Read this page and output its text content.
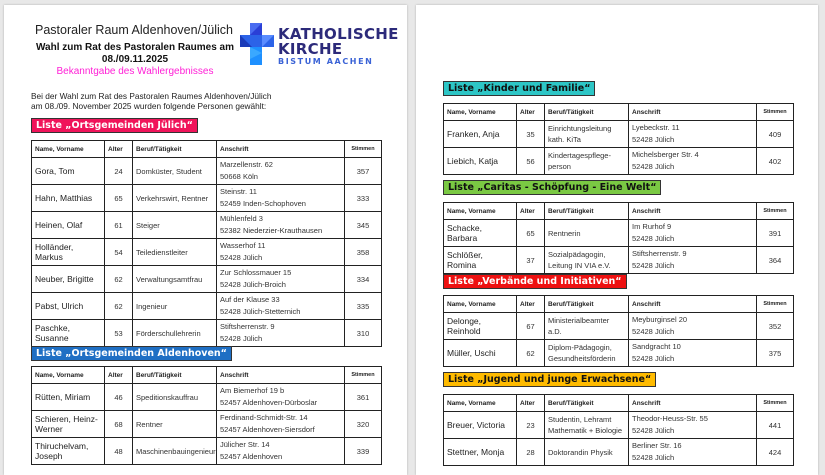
Pastoraler Raum Aldenhoven/Jülich
Wahl zum Rat des Pastoralen Raumes am
08./09.11.2025
Bekanntgabe des Wahlergebnisses
KATHOLISCHE
KIRCHE
BISTUM AACHEN
Bei der Wahl zum Rat des Pastoralen Raumes Aldenhoven/Jülich
am 08./09. November 2025 wurden folgende Personen gewählt:
Liste „Ortsgemeinden Jülich“
Name, Vorname	Alter	Beruf/Tätigkeit	Anschrift	Stimmen
Gora, Tom	24	Domküster, Student	Marzellenstr. 62
50668 Köln	357
Hahn, Matthias	65	Verkehrswirt, Rentner	Steinstr. 11
52459 Inden-Schophoven	333
Heinen, Olaf	61	Steiger	Mühlenfeld 3
52382 Niederzier-Krauthausen	345
Holländer, Markus	54	Teiledienstleiter	Wasserhof 11
52428 Jülich	358
Neuber, Brigitte	62	Verwaltungsamtfrau	Zur Schlossmauer 15
52428 Jülich-Broich	334
Pabst, Ulrich	62	Ingenieur	Auf der Klause 33
52428 Jülich-Stetternich	335
Paschke, Susanne	53	Förderschullehrerin	Stiftsherrenstr. 9
52428 Jülich	310
Liste „Ortsgemeinden Aldenhoven“
Name, Vorname	Alter	Beruf/Tätigkeit	Anschrift	Stimmen
Rütten, Miriam	46	Speditionskauffrau	Am Biemerhof 19 b
52457 Aldenhoven-Dürboslar	361
Schieren, Heinz-Werner	68	Rentner	Ferdinand-Schmidt-Str. 14
52457 Aldenhoven-Siersdorf	320
Thiruchelvam, Joseph	48	Maschinenbauingenieur	Jülicher Str. 14
52457 Aldenhoven	339
Liste „Kinder und Familie“
Name, Vorname	Alter	Beruf/Tätigkeit	Anschrift	Stimmen
Franken, Anja	35	Einrichtungsleitung kath. KiTa	Lyebeckstr. 11
52428 Jülich	409
Liebich, Katja	56	Kindertagespflege-person	Michelsberger Str. 4
52428 Jülich	402
Liste „Caritas - Schöpfung - Eine Welt“
Name, Vorname	Alter	Beruf/Tätigkeit	Anschrift	Stimmen
Schacke, Barbara	65	Rentnerin	Im Rurhof 9
52428 Jülich	391
Schlößer, Romina	37	Sozialpädagogin, Leitung IN VIA e.V.	Stiftsherrenstr. 9
52428 Jülich	364
Liste „Verbände und Initiativen“
Name, Vorname	Alter	Beruf/Tätigkeit	Anschrift	Stimmen
Delonge, Reinhold	67	Ministerialbeamter a.D.	Meyburginsel 20
52428 Jülich	352
Müller, Uschi	62	Diplom-Pädagogin, Gesundheitsförderin	Sandgracht 10
52428 Jülich	375
Liste „Jugend und junge Erwachsene“
Name, Vorname	Alter	Beruf/Tätigkeit	Anschrift	Stimmen
Breuer, Victoria	23	Studentin, Lehramt Mathematik + Biologie	Theodor-Heuss-Str. 55
52428 Jülich	441
Stettner, Monja	28	Doktorandin Physik	Berliner Str. 16
52428 Jülich	424
